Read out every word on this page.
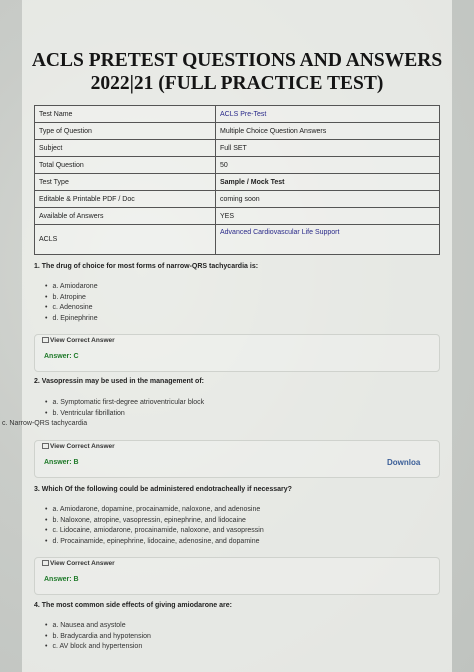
ACLS PRETEST QUESTIONS AND ANSWERS
2022|21 (FULL PRACTICE TEST)
Test Name	ACLS Pre-Test
Type of Question	Multiple Choice Question Answers
Subject	Full SET
Total Question	50
Test Type	Sample / Mock Test
Editable & Printable PDF / Doc	coming soon
Available of Answers	YES
ACLS	Advanced Cardiovascular Life Support
1. The drug of choice for most forms of narrow-QRS tachycardia is:
• a. Amiodarone
• b. Atropine
• c. Adenosine
• d. Epinephrine
View Correct Answer
Answer: C
2. Vasopressin may be used in the management of:
• a. Symptomatic first-degree atrioventricular block
• b. Ventricular fibrillation
c. Narrow-QRS tachycardia
View Correct Answer
Answer: B	Downloa
3. Which Of the following could be administered endotracheally if necessary?
• a. Amiodarone, dopamine, procainamide, naloxone, and adenosine
• b. Naloxone, atropine, vasopressin, epinephrine, and lidocaine
• c. Lidocaine, amiodarone, procainamide, naloxone, and vasopressin
• d. Procainamide, epinephrine, lidocaine, adenosine, and dopamine
View Correct Answer
Answer: B
4. The most common side effects of giving amiodarone are:
• a. Nausea and asystole
• b. Bradycardia and hypotension
• c. AV block and hypertension
